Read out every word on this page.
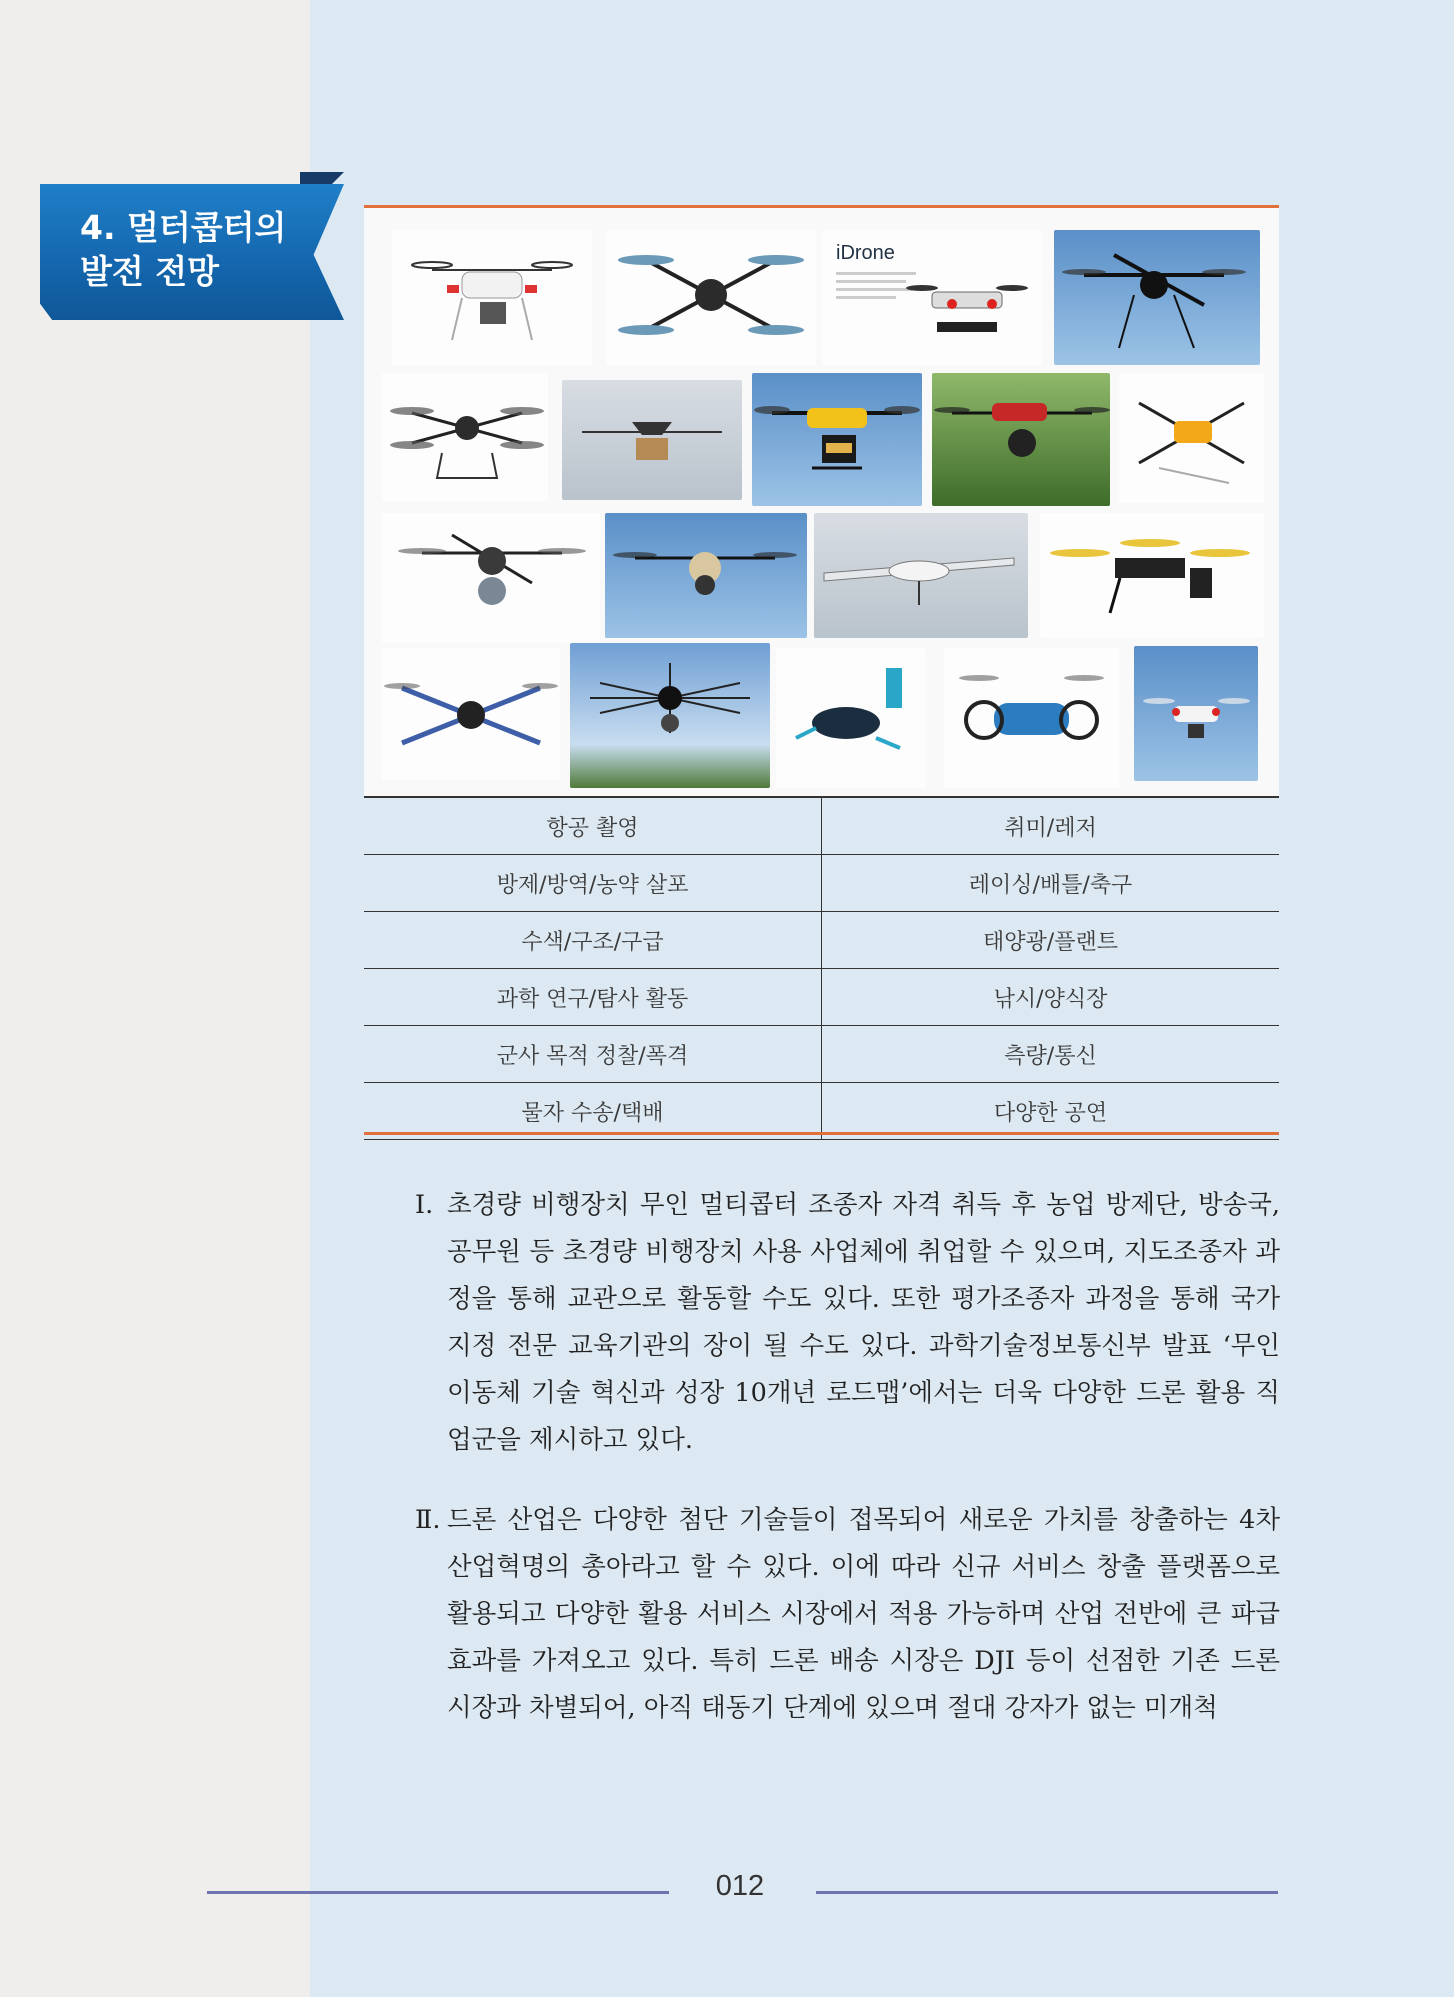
4. 멀터콥터의
발전 전망	iDrone
항공 촬영	취미/레저
방제/방역/농약 살포	레이싱/배틀/축구
수색/구조/구급	태양광/플랜트
과학 연구/탐사 활동	낚시/양식장
군사 목적 정찰/폭격	측량/통신
물자 수송/택배	다양한 공연
Ⅰ. 초경량 비행장치 무인 멀티콥터 조종자 자격 취득 후 농업 방제단, 방송국, 공무원 등 초경량 비행장치 사용 사업체에 취업할 수 있으며, 지도조종자 과정을 통해 교관으로 활동할 수도 있다. 또한 평가조종자 과정을 통해 국가 지정 전문 교육기관의 장이 될 수도 있다. 과학기술정보통신부 발표 ‘무인 이동체 기술 혁신과 성장 10개년 로드맵’에서는 더욱 다양한 드론 활용 직업군을 제시하고 있다.
Ⅱ. 드론 산업은 다양한 첨단 기술들이 접목되어 새로운 가치를 창출하는 4차 산업혁명의 총아라고 할 수 있다. 이에 따라 신규 서비스 창출 플랫폼으로 활용되고 다양한 활용 서비스 시장에서 적용 가능하며 산업 전반에 큰 파급 효과를 가져오고 있다. 특히 드론 배송 시장은 DJI 등이 선점한 기존 드론 시장과 차별되어, 아직 태동기 단계에 있으며 절대 강자가 없는 미개척
012
